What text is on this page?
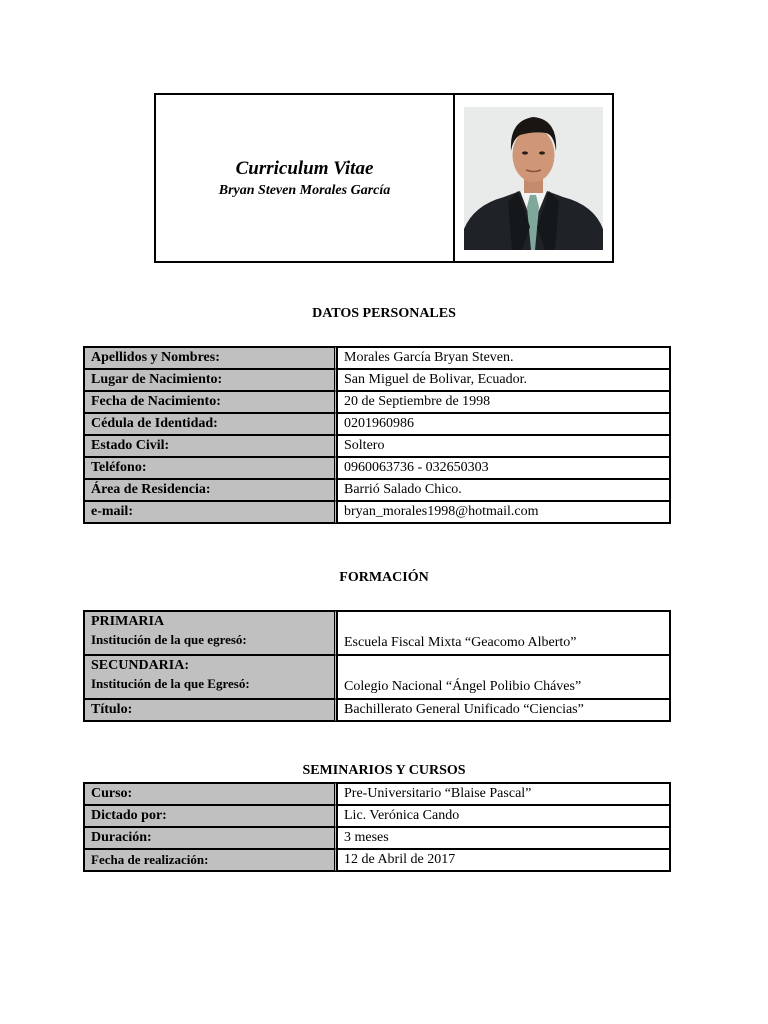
Curriculum Vitae

Bryan Steven Morales García

DATOS PERSONALES
Apellidos y Nombres:	Morales García Bryan Steven.
Lugar de Nacimiento:	San Miguel de Bolivar, Ecuador.
Fecha de Nacimiento:	20 de Septiembre de 1998
Cédula de Identidad:	0201960986
Estado Civil:	Soltero
Teléfono:	0960063736 - 032650303
Área de Residencia:	Barrió Salado Chico.
e-mail:	bryan_morales1998@hotmail.com
FORMACIÓN
PRIMARIA
Institución de la que egresó:	Escuela Fiscal Mixta “Geacomo Alberto”

SECUNDARIA:
Institución de la que Egresó:	Colegio Nacional “Ángel Polibio Cháves”
Título:	Bachillerato General Unificado “Ciencias”
SEMINARIOS Y CURSOS
Curso:	Pre-Universitario “Blaise Pascal”
Dictado por:	Lic. Verónica Cando
Duración:	3 meses
Fecha de realización:	12 de Abril de 2017
